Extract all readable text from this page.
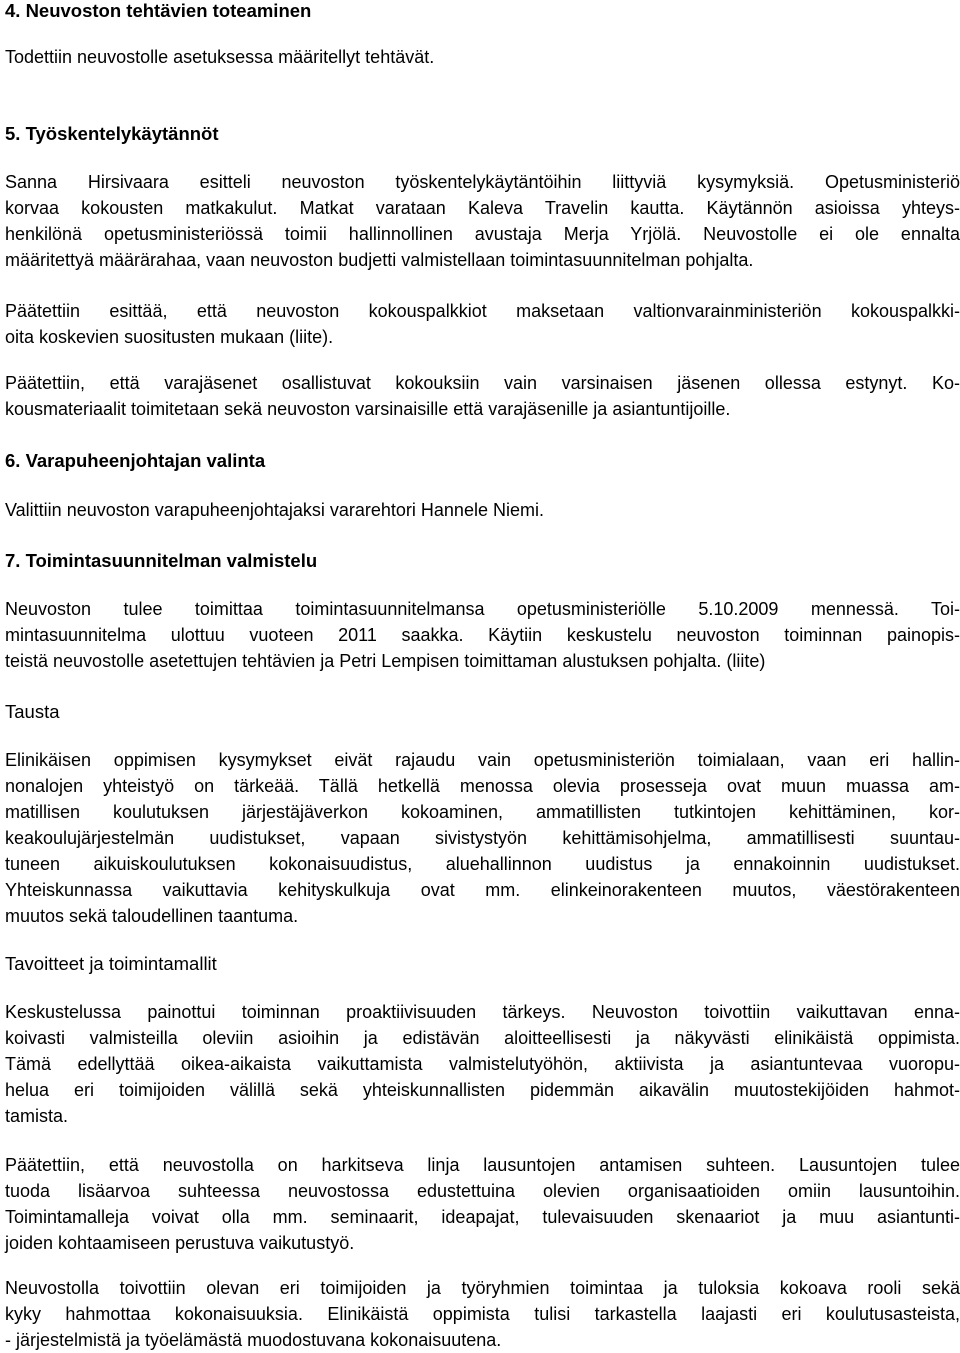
4. Neuvoston tehtävien toteaminen
Todettiin neuvostolle asetuksessa määritellyt tehtävät.
5. Työskentelykäytännöt
Sanna Hirsivaara esitteli neuvoston työskentelykäytäntöihin liittyviä kysymyksiä. Opetusministeriö
korvaa kokousten matkakulut. Matkat varataan Kaleva Travelin kautta. Käytännön asioissa yhteys-
henkilönä opetusministeriössä toimii hallinnollinen avustaja Merja Yrjölä. Neuvostolle ei ole ennalta
määritettyä määrärahaa, vaan neuvoston budjetti valmistellaan toimintasuunnitelman pohjalta.
Päätettiin esittää, että neuvoston kokouspalkkiot maksetaan valtionvarainministeriön kokouspalkki-
oita koskevien suositusten mukaan (liite).
Päätettiin, että varajäsenet osallistuvat kokouksiin vain varsinaisen jäsenen ollessa estynyt. Ko-
kousmateriaalit toimitetaan sekä neuvoston varsinaisille että varajäsenille ja asiantuntijoille.
6. Varapuheenjohtajan valinta
Valittiin neuvoston varapuheenjohtajaksi vararehtori Hannele Niemi.
7. Toimintasuunnitelman valmistelu
Neuvoston tulee toimittaa toimintasuunnitelmansa opetusministeriölle 5.10.2009 mennessä. Toi-
mintasuunnitelma ulottuu vuoteen 2011 saakka. Käytiin keskustelu neuvoston toiminnan painopis-
teistä neuvostolle asetettujen tehtävien ja Petri Lempisen toimittaman alustuksen pohjalta. (liite)
Tausta
Elinikäisen oppimisen kysymykset eivät rajaudu vain opetusministeriön toimialaan, vaan eri hallin-
nonalojen yhteistyö on tärkeää. Tällä hetkellä menossa olevia prosesseja ovat muun muassa am-
matillisen koulutuksen järjestäjäverkon kokoaminen, ammatillisten tutkintojen kehittäminen, kor-
keakoulujärjestelmän uudistukset, vapaan sivistystyön kehittämisohjelma, ammatillisesti suuntau-
tuneen aikuiskoulutuksen kokonaisuudistus, aluehallinnon uudistus ja ennakoinnin uudistukset.
Yhteiskunnassa vaikuttavia kehityskulkuja ovat mm. elinkeinorakenteen muutos, väestörakenteen
muutos sekä taloudellinen taantuma.
Tavoitteet ja toimintamallit
Keskustelussa painottui toiminnan proaktiivisuuden tärkeys. Neuvoston toivottiin vaikuttavan enna-
koivasti valmisteilla oleviin asioihin ja edistävän aloitteellisesti ja näkyvästi elinikäistä oppimista.
Tämä edellyttää oikea-aikaista vaikuttamista valmistelutyöhön, aktiivista ja asiantuntevaa vuoropu-
helua eri toimijoiden välillä sekä yhteiskunnallisten pidemmän aikavälin muutostekijöiden hahmot-
tamista.
Päätettiin, että neuvostolla on harkitseva linja lausuntojen antamisen suhteen. Lausuntojen tulee
tuoda lisäarvoa suhteessa neuvostossa edustettuina olevien organisaatioiden omiin lausuntoihin.
Toimintamalleja voivat olla mm. seminaarit, ideapajat, tulevaisuuden skenaariot ja muu asiantunti-
joiden kohtaamiseen perustuva vaikutustyö.
Neuvostolla toivottiin olevan eri toimijoiden ja työryhmien toimintaa ja tuloksia kokoava rooli sekä
kyky hahmottaa kokonaisuuksia. Elinikäistä oppimista tulisi tarkastella laajasti eri koulutusasteista,
- järjestelmistä ja työelämästä muodostuvana kokonaisuutena.
